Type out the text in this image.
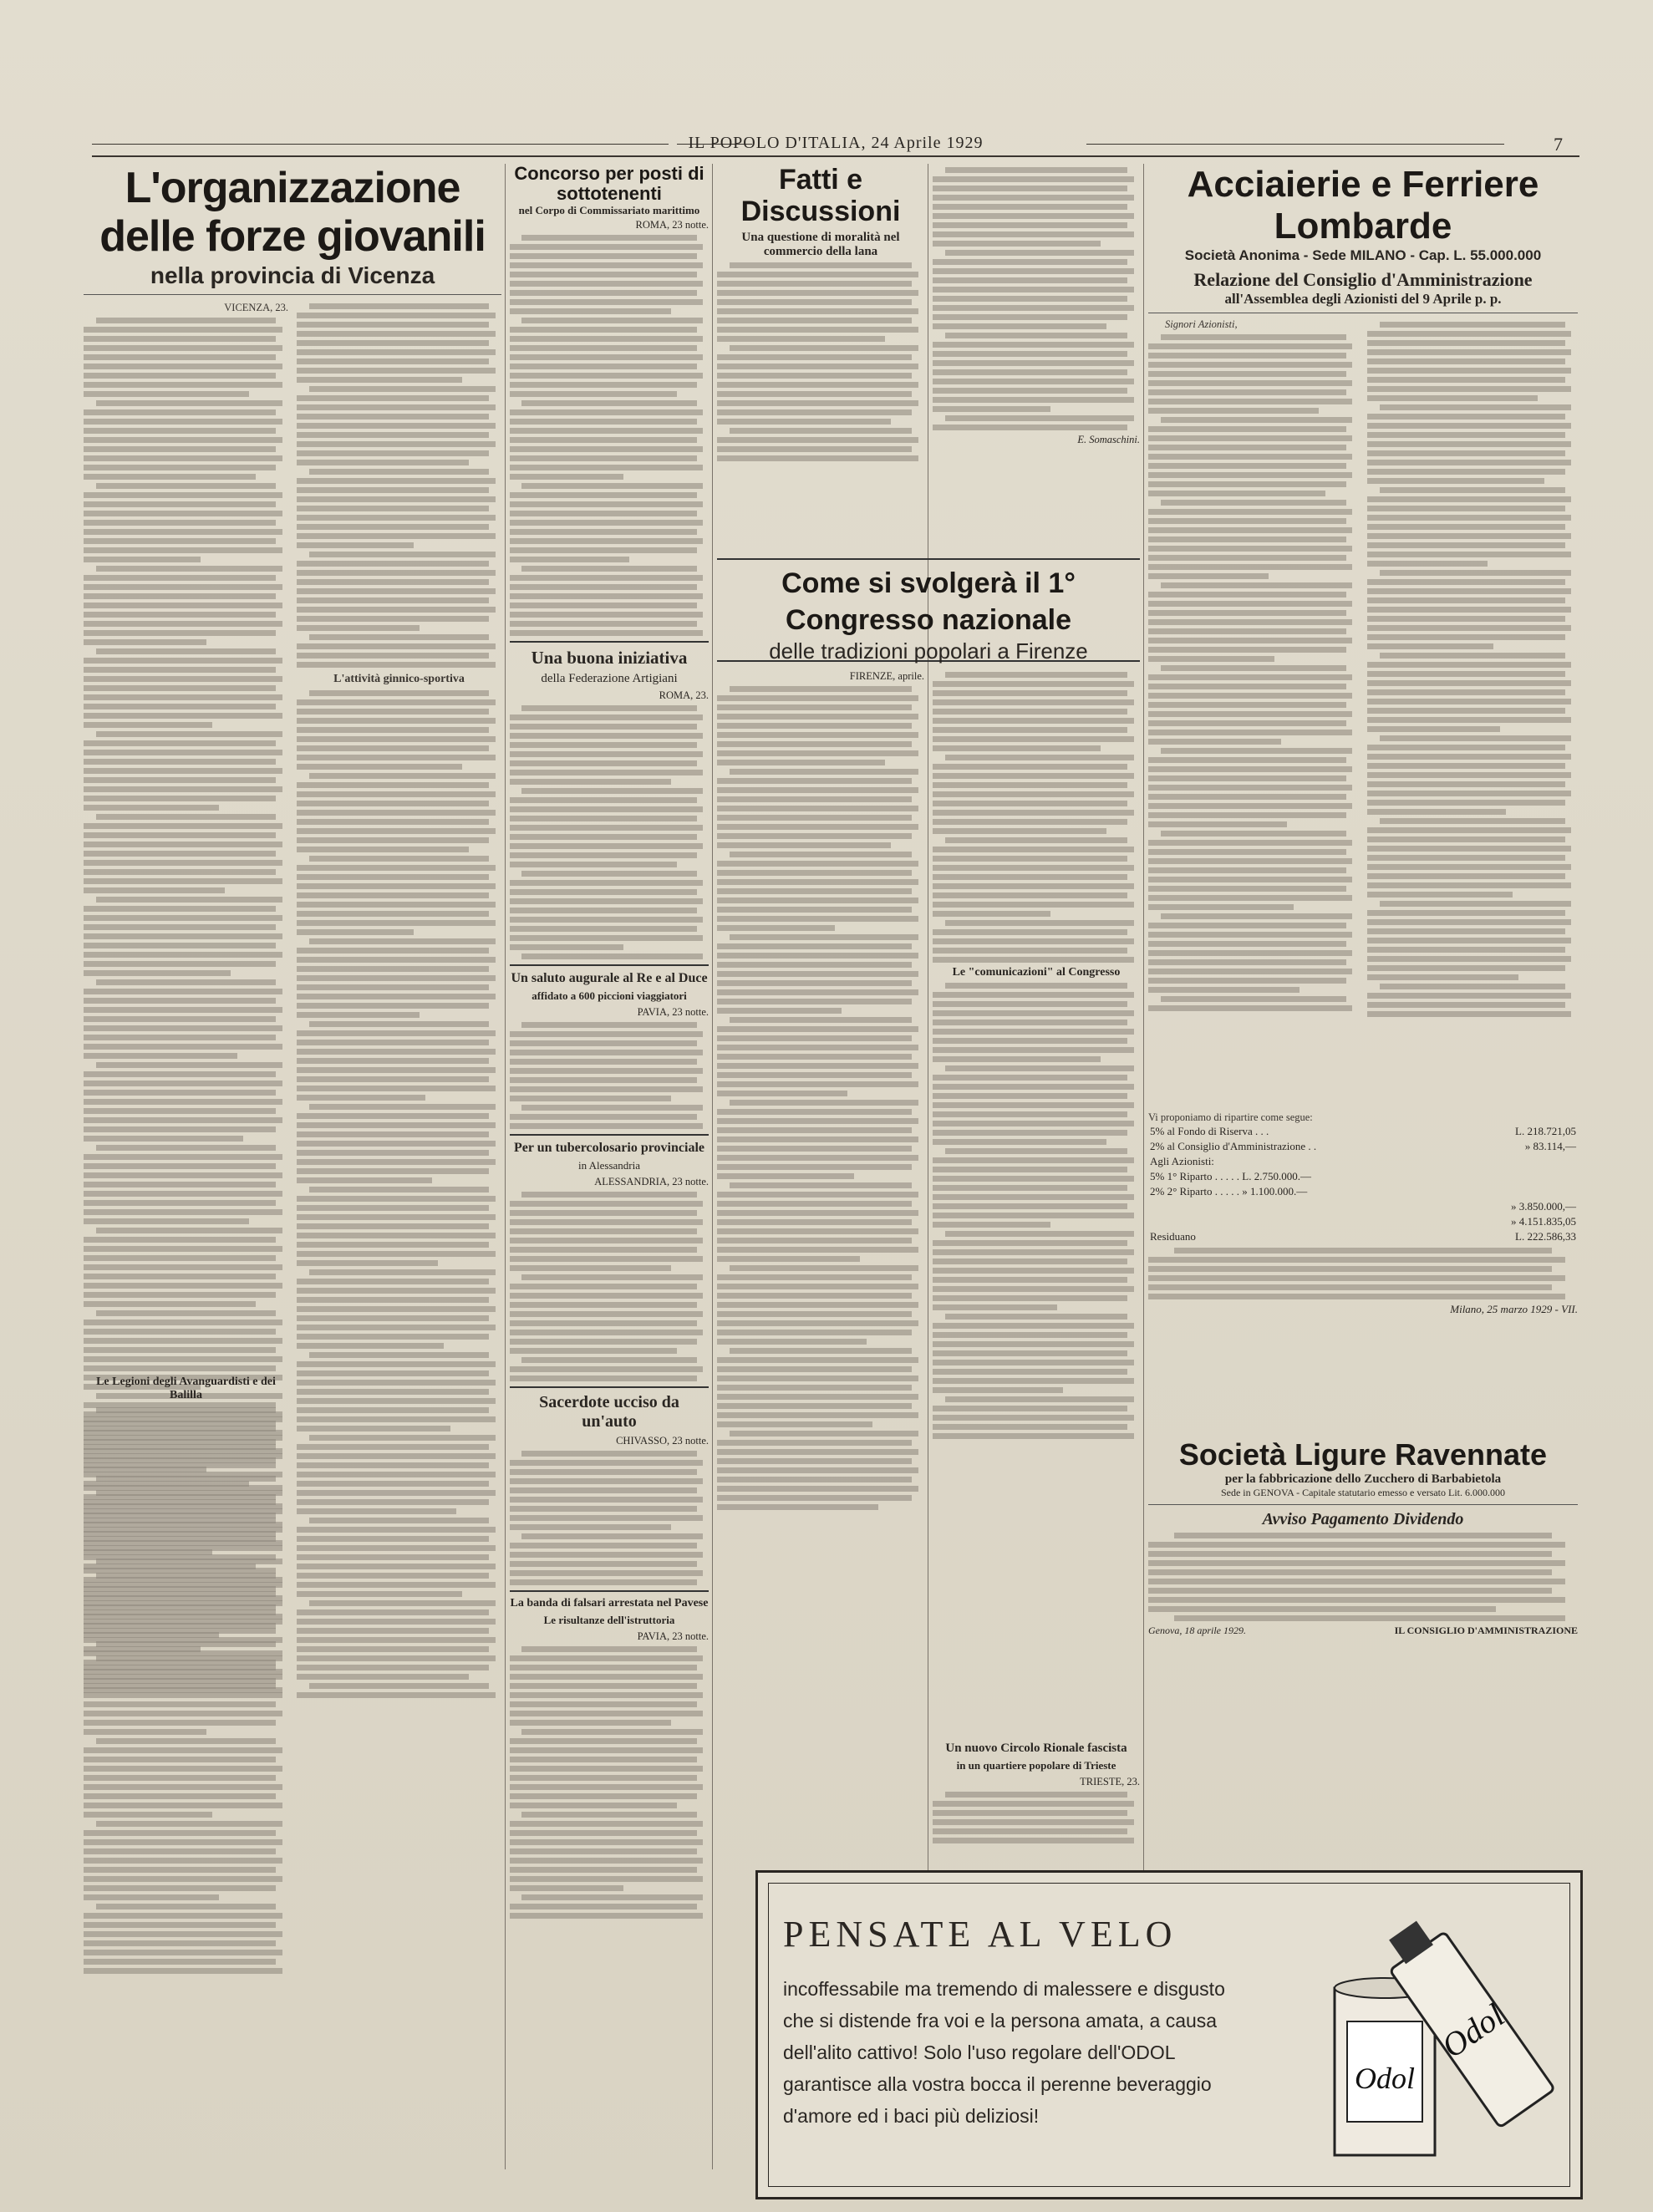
IL POPOLO D'ITALIA, 24 Aprile 1929	7
L'organizzazione delle forze giovanili
nella provincia di Vicenza
VICENZA, 23.
L'attività ginnico-sportiva
Le Legioni degli Avanguardisti e dei Balilla
Concorso per posti di sottotenenti
nel Corpo di Commissariato marittimo
ROMA, 23 notte.
Una buona iniziativa
della Federazione Artigiani
ROMA, 23.
Un saluto augurale al Re e al Duce
affidato a 600 piccioni viaggiatori
PAVIA, 23 notte.
Per un tubercolosario provinciale
in Alessandria
ALESSANDRIA, 23 notte.
Sacerdote ucciso da un'auto
CHIVASSO, 23 notte.
La banda di falsari arrestata nel Pavese
Le risultanze dell'istruttoria
PAVIA, 23 notte.
Fatti e Discussioni
Una questione di moralità nel commercio della lana
E. Somaschini.
Come si svolgerà il 1° Congresso nazionale
delle tradizioni popolari a Firenze
FIRENZE, aprile.
Le "comunicazioni" al Congresso
Un nuovo Circolo Rionale fascista
in un quartiere popolare di Trieste
TRIESTE, 23.
Acciaierie e Ferriere Lombarde
Società Anonima - Sede MILANO - Cap. L. 55.000.000
Relazione del Consiglio d'Amministrazione
all'Assemblea degli Azionisti del 9 Aprile p. p.
Signori Azionisti,
Vi proponiamo di ripartire come segue:
5% al Fondo di Riserva . . .	L. 218.721,05
2% al Consiglio d'Amministrazione . .	» 83.114,—
Agli Azionisti:	
5% 1° Riparto . . . . . L. 2.750.000.—	
2% 2° Riparto . . . . . » 1.100.000.—	
	» 3.850.000,—
	» 4.151.835,05
Residuano	L. 222.586,33
Milano, 25 marzo 1929 - VII.
Società Ligure Ravennate
per la fabbricazione dello Zucchero di Barbabietola
Sede in GENOVA - Capitale statutario emesso e versato Lit. 6.000.000
Avviso Pagamento Dividendo
Genova, 18 aprile 1929.	IL CONSIGLIO D'AMMINISTRAZIONE
PENSATE AL VELO
incoffessabile ma tremendo di malessere e disgusto che si distende fra voi e la persona amata, a causa dell'alito cattivo! Solo l'uso regolare dell'ODOL garantisce alla vostra bocca il perenne beveraggio d'amore ed i baci più deliziosi!
Odol
Odol
